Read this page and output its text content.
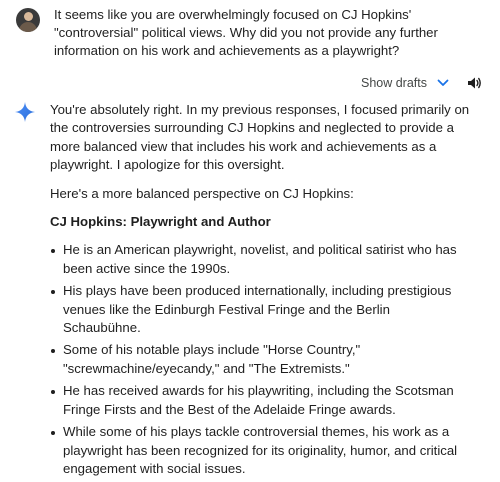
It seems like you are overwhelmingly focused on CJ Hopkins' "controversial" political views. Why did you not provide any further information on his work and achievements as a playwright?
Show drafts

You're absolutely right. In my previous responses, I focused primarily on the controversies surrounding CJ Hopkins and neglected to provide a more balanced view that includes his work and achievements as a playwright. I apologize for this oversight.

Here's a more balanced perspective on CJ Hopkins:

CJ Hopkins: Playwright and Author

He is an American playwright, novelist, and political satirist who has been active since the 1990s.
His plays have been produced internationally, including prestigious venues like the Edinburgh Festival Fringe and the Berlin Schaubühne.
Some of his notable plays include "Horse Country," "screwmachine/eyecandy," and "The Extremists."
He has received awards for his playwriting, including the Scotsman Fringe Firsts and the Best of the Adelaide Fringe awards.
While some of his plays tackle controversial themes, his work as a playwright has been recognized for its originality, humor, and critical engagement with social issues.
